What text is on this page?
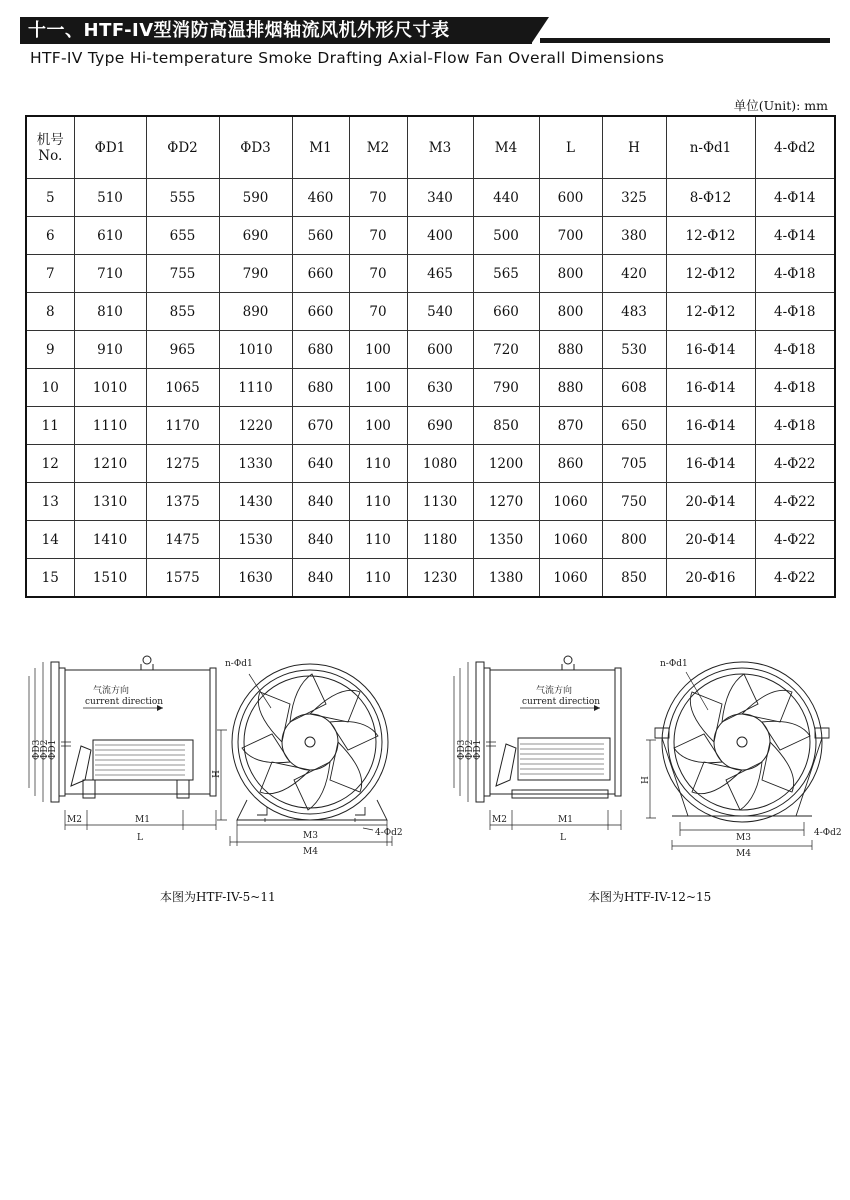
十一、HTF-IV型消防高温排烟轴流风机外形尺寸表
HTF-IV Type Hi-temperature Smoke Drafting Axial-Flow Fan Overall Dimensions
单位(Unit): mm
机号
No.	ΦD1	ΦD2	ΦD3	M1	M2	M3	M4	L	H	n-Φd1	4-Φd2
5	510	555	590	460	70	340	440	600	325	8-Φ12	4-Φ14
6	610	655	690	560	70	400	500	700	380	12-Φ12	4-Φ14
7	710	755	790	660	70	465	565	800	420	12-Φ12	4-Φ18
8	810	855	890	660	70	540	660	800	483	12-Φ12	4-Φ18
9	910	965	1010	680	100	600	720	880	530	16-Φ14	4-Φ18
10	1010	1065	1110	680	100	630	790	880	608	16-Φ14	4-Φ18
11	1110	1170	1220	670	100	690	850	870	650	16-Φ14	4-Φ18
12	1210	1275	1330	640	110	1080	1200	860	705	16-Φ14	4-Φ22
13	1310	1375	1430	840	110	1130	1270	1060	750	20-Φ14	4-Φ22
14	1410	1475	1530	840	110	1180	1350	1060	800	20-Φ14	4-Φ22
15	1510	1575	1630	840	110	1230	1380	1060	850	20-Φ16	4-Φ22
气流方向
current direction
ΦD3
ΦD2
ΦD1
M2	M1
L
n-Φd1
H
M3
M4
4-Φd2
本图为HTF-IV-5~11
气流方向
current direction
ΦD3
ΦD2
ΦD1
M2	M1
L
n-Φd1
H
M3
M4
4-Φd2
本图为HTF-IV-12~15
